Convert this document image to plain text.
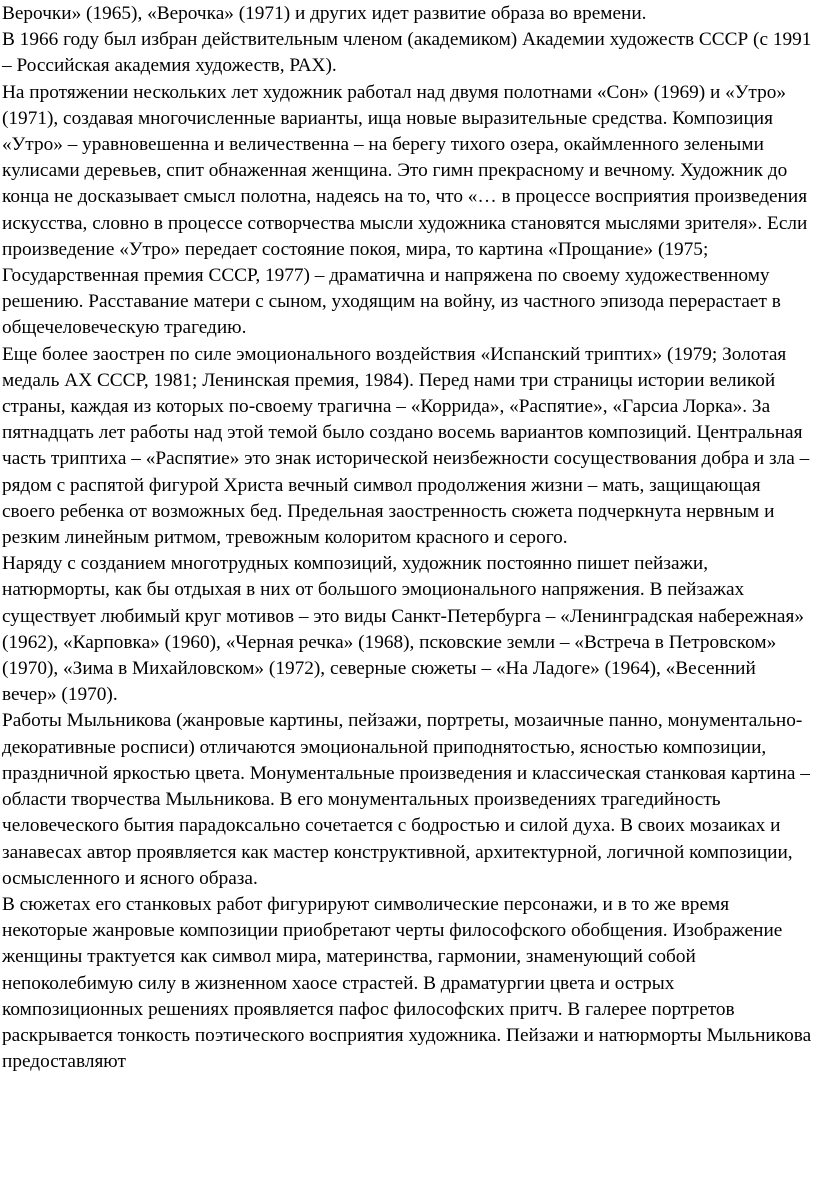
Верочки» (1965), «Верочка» (1971) и других идет развитие образа во времени.

В 1966 году был избран действительным членом (академиком) Академии художеств СССР (с 1991 – Российская академия художеств, РАХ).

На протяжении нескольких лет художник работал над двумя полотнами «Сон» (1969) и «Утро» (1971), создавая многочисленные варианты, ища новые выразительные средства. Композиция «Утро» – уравновешенна и величественна – на берегу тихого озера, окаймленного зелеными кулисами деревьев, спит обнаженная женщина. Это гимн прекрасному и вечному. Художник до конца не досказывает смысл полотна, надеясь на то, что «… в процессе восприятия произведения искусства, словно в процессе сотворчества мысли художника становятся мыслями зрителя». Если произведение «Утро» передает состояние покоя, мира, то картина «Прощание» (1975; Государственная премия СССР, 1977) – драматична и напряжена по своему художественному решению. Расставание матери с сыном, уходящим на войну, из частного эпизода перерастает в общечеловеческую трагедию.

Еще более заострен по силе эмоционального воздействия «Испанский триптих» (1979; Золотая медаль АХ СССР, 1981; Ленинская премия, 1984). Перед нами три страницы истории великой страны, каждая из которых по-своему трагична – «Коррида», «Распятие», «Гарсиа Лорка». За пятнадцать лет работы над этой темой было создано восемь вариантов композиций. Центральная часть триптиха – «Распятие» это знак исторической неизбежности сосуществования добра и зла – рядом с распятой фигурой Христа вечный символ продолжения жизни – мать, защищающая своего ребенка от возможных бед. Предельная заостренность сюжета подчеркнута нервным и резким линейным ритмом, тревожным колоритом красного и серого.

Наряду с созданием многотрудных композиций, художник постоянно пишет пейзажи, натюрморты, как бы отдыхая в них от большого эмоционального напряжения. В пейзажах существует любимый круг мотивов – это виды Санкт-Петербурга – «Ленинградская набережная» (1962), «Карповка» (1960), «Черная речка» (1968), псковские земли – «Встреча в Петровском» (1970), «Зима в Михайловском» (1972), северные сюжеты – «На Ладоге» (1964), «Весенний вечер» (1970).

Работы Мыльникова (жанровые картины, пейзажи, портреты, мозаичные панно, монументально-декоративные росписи) отличаются эмоциональной приподнятостью, ясностью композиции, праздничной яркостью цвета. Монументальные произведения и классическая станковая картина – области творчества Мыльникова. В его монументальных произведениях трагедийность человеческого бытия парадоксально сочетается с бодростью и силой духа. В своих мозаиках и занавесах автор проявляется как мастер конструктивной, архитектурной, логичной композиции, осмысленного и ясного образа.

В сюжетах его станковых работ фигурируют символические персонажи, и в то же время некоторые жанровые композиции приобретают черты философского обобщения. Изображение женщины трактуется как символ мира, материнства, гармонии, знаменующий собой непоколебимую силу в жизненном хаосе страстей. В драматургии цвета и острых композиционных решениях проявляется пафос философских притч. В галерее портретов раскрывается тонкость поэтического восприятия художника. Пейзажи и натюрморты Мыльникова предоставляют
